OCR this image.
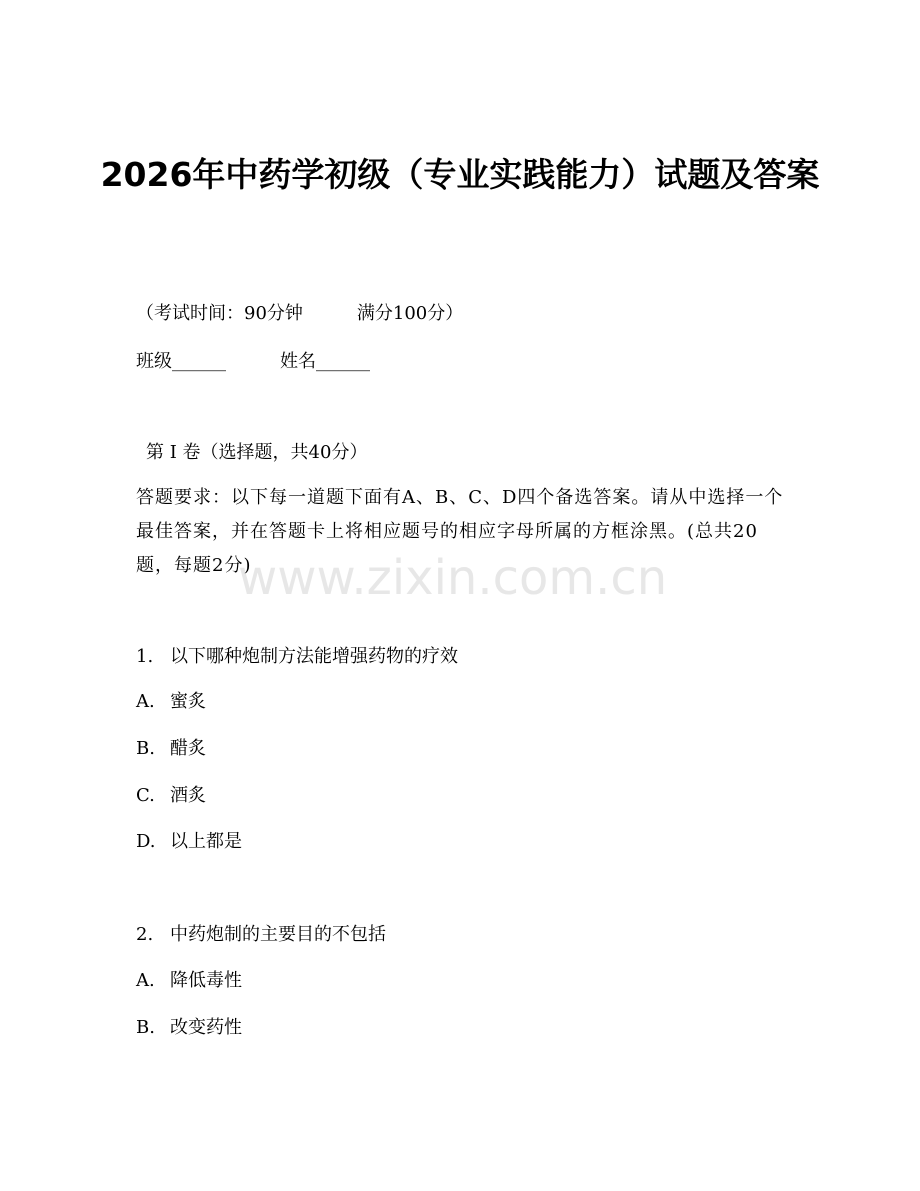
2026年中药学初级（专业实践能力）试题及答案
（考试时间：90分钟	满分100分）
班级______	姓名______
第 I 卷（选择题，共40分）

答题要求：以下每一道题下面有A、B、C、D四个备选答案。请从中选择一个最佳答案，并在答题卡上将相应题号的相应字母所属的方框涂黑。(总共20题，每题2分)

1. 以下哪种炮制方法能增强药物的疗效
A. 蜜炙
B. 醋炙
C. 酒炙
D. 以上都是
2. 中药炮制的主要目的不包括
A. 降低毒性
B. 改变药性
www.zixin.com.cn
